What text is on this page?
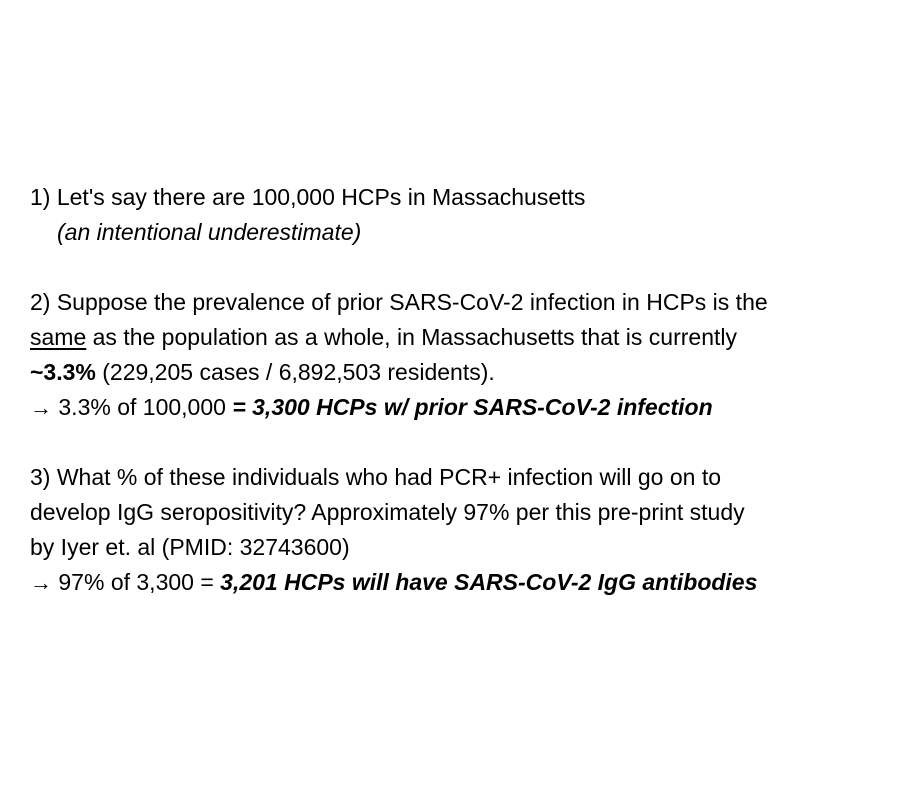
1) Let's say there are 100,000 HCPs in Massachusetts
(an intentional underestimate)
2) Suppose the prevalence of prior SARS-CoV-2 infection in HCPs is the
same as the population as a whole, in Massachusetts that is currently
~3.3% (229,205 cases / 6,892,503 residents).
→ 3.3% of 100,000 = 3,300 HCPs w/ prior SARS-CoV-2 infection
3) What % of these individuals who had PCR+ infection will go on to
develop IgG seropositivity? Approximately 97% per this pre-print study
by Iyer et. al (PMID: 32743600)
→ 97% of 3,300 = 3,201 HCPs will have SARS-CoV-2 IgG antibodies
